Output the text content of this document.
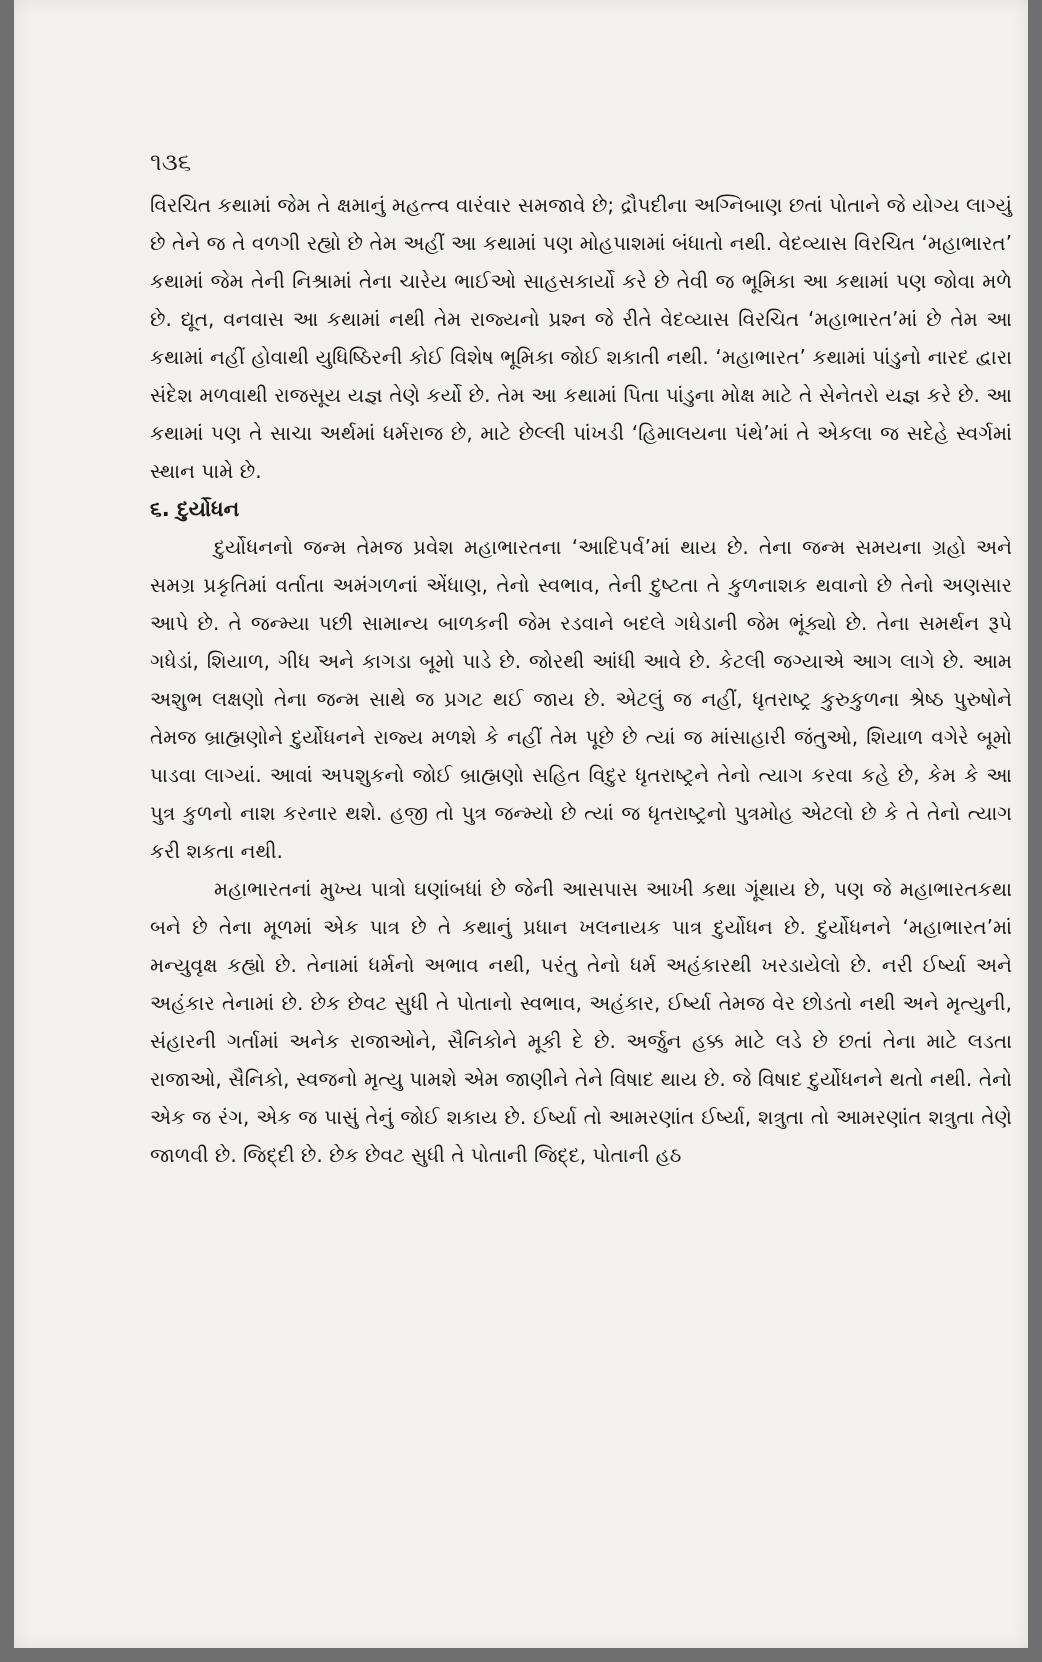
૧૩૬

વિરચિત કથામાં જેમ તે ક્ષમાનું મહત્ત્વ વારંવાર સમજાવે છે; દ્રૌપદીના અગ્નિબાણ છતાં પોતાને જે યોગ્ય લાગ્યું છે તેને જ તે વળગી રહ્યો છે તેમ અહીં આ કથામાં પણ મોહપાશમાં બંધાતો નથી. વેદવ્યાસ વિરચિત ‘મહાભારત’ કથામાં જેમ તેની નિશ્રામાં તેના ચારેય ભાઈઓ સાહસકાર્યો કરે છે તેવી જ ભૂમિકા આ કથામાં પણ જોવા મળે છે. દ્યૂત, વનવાસ આ કથામાં નથી તેમ રાજ્યનો પ્રશ્ન જે રીતે વેદવ્યાસ વિરચિત ‘મહાભારત’માં છે તેમ આ કથામાં નહીં હોવાથી યુધિષ્ઠિરની કોઈ વિશેષ ભૂમિકા જોઈ શકાતી નથી. ‘મહાભારત’ કથામાં પાંડુનો નારદ દ્વારા સંદેશ મળવાથી રાજસૂય યજ્ઞ તેણે કર્યો છે. તેમ આ કથામાં પિતા પાંડુના મોક્ષ માટે તે સેનેતરો યજ્ઞ કરે છે. આ કથામાં પણ તે સાચા અર્થમાં ધર્મરાજ છે, માટે છેલ્લી પાંખડી ‘હિમાલયના પંથે’માં તે એકલા જ સદેહે સ્વર્ગમાં સ્થાન પામે છે.

૬. દુર્યોધન

દુર્યોધનનો જન્મ તેમજ પ્રવેશ મહાભારતના ‘આદિપર્વ’માં થાય છે. તેના જન્મ સમયના ગ્રહો અને સમગ્ર પ્રકૃતિમાં વર્તાતા અમંગળનાં એંધાણ, તેનો સ્વભાવ, તેની દુષ્ટતા તે કુળનાશક થવાનો છે તેનો અણસાર આપે છે. તે જન્મ્યા પછી સામાન્ય બાળકની જેમ રડવાને બદલે ગધેડાની જેમ ભૂંક્યો છે. તેના સમર્થન રૂપે ગધેડાં, શિયાળ, ગીધ અને કાગડા બૂમો પાડે છે. જોરથી આંધી આવે છે. કેટલી જગ્યાએ આગ લાગે છે. આમ અશુભ લક્ષણો તેના જન્મ સાથે જ પ્રગટ થઈ જાય છે. એટલું જ નહીં, ધૃતરાષ્ટ્ર કુરુકુળના શ્રેષ્ઠ પુરુષોને તેમજ બ્રાહ્મણોને દુર્યોધનને રાજ્ય મળશે કે નહીં તેમ પૂછે છે ત્યાં જ માંસાહારી જંતુઓ, શિયાળ વગેરે બૂમો પાડવા લાગ્યાં. આવાં અપશુકનો જોઈ બ્રાહ્મણો સહિત વિદુર ધૃતરાષ્ટ્રને તેનો ત્યાગ કરવા કહે છે, કેમ કે આ પુત્ર કુળનો નાશ કરનાર થશે. હજી તો પુત્ર જન્મ્યો છે ત્યાં જ ધૃતરાષ્ટ્રનો પુત્રમોહ એટલો છે કે તે તેનો ત્યાગ કરી શકતા નથી.

મહાભારતનાં મુખ્ય પાત્રો ઘણાંબધાં છે જેની આસપાસ આખી કથા ગૂંથાય છે, પણ જે મહાભારતકથા બને છે તેના મૂળમાં એક પાત્ર છે તે કથાનું પ્રધાન ખલનાયક પાત્ર દુર્યોધન છે. દુર્યોધનને ‘મહાભારત’માં મન્યુવૃક્ષ કહ્યો છે. તેનામાં ધર્મનો અભાવ નથી, પરંતુ તેનો ધર્મ અહંકારથી ખરડાયેલો છે. નરી ઈર્ષ્યા અને અહંકાર તેનામાં છે. છેક છેવટ સુધી તે પોતાનો સ્વભાવ, અહંકાર, ઈર્ષ્યા તેમજ વેર છોડતો નથી અને મૃત્યુની, સંહારની ગર્તામાં અનેક રાજાઓને, સૈનિકોને મૂકી દે છે. અર્જુન હક્ક માટે લડે છે છતાં તેના માટે લડતા રાજાઓ, સૈનિકો, સ્વજનો મૃત્યુ પામશે એમ જાણીને તેને વિષાદ થાય છે. જે વિષાદ દુર્યોધનને થતો નથી. તેનો એક જ રંગ, એક જ પાસું તેનું જોઈ શકાય છે. ઈર્ષ્યા તો આમરણાંત ઈર્ષ્યા, શત્રુતા તો આમરણાંત શત્રુતા તેણે જાળવી છે. જિદ્દી છે. છેક છેવટ સુધી તે પોતાની જિદ્દ, પોતાની હઠ
